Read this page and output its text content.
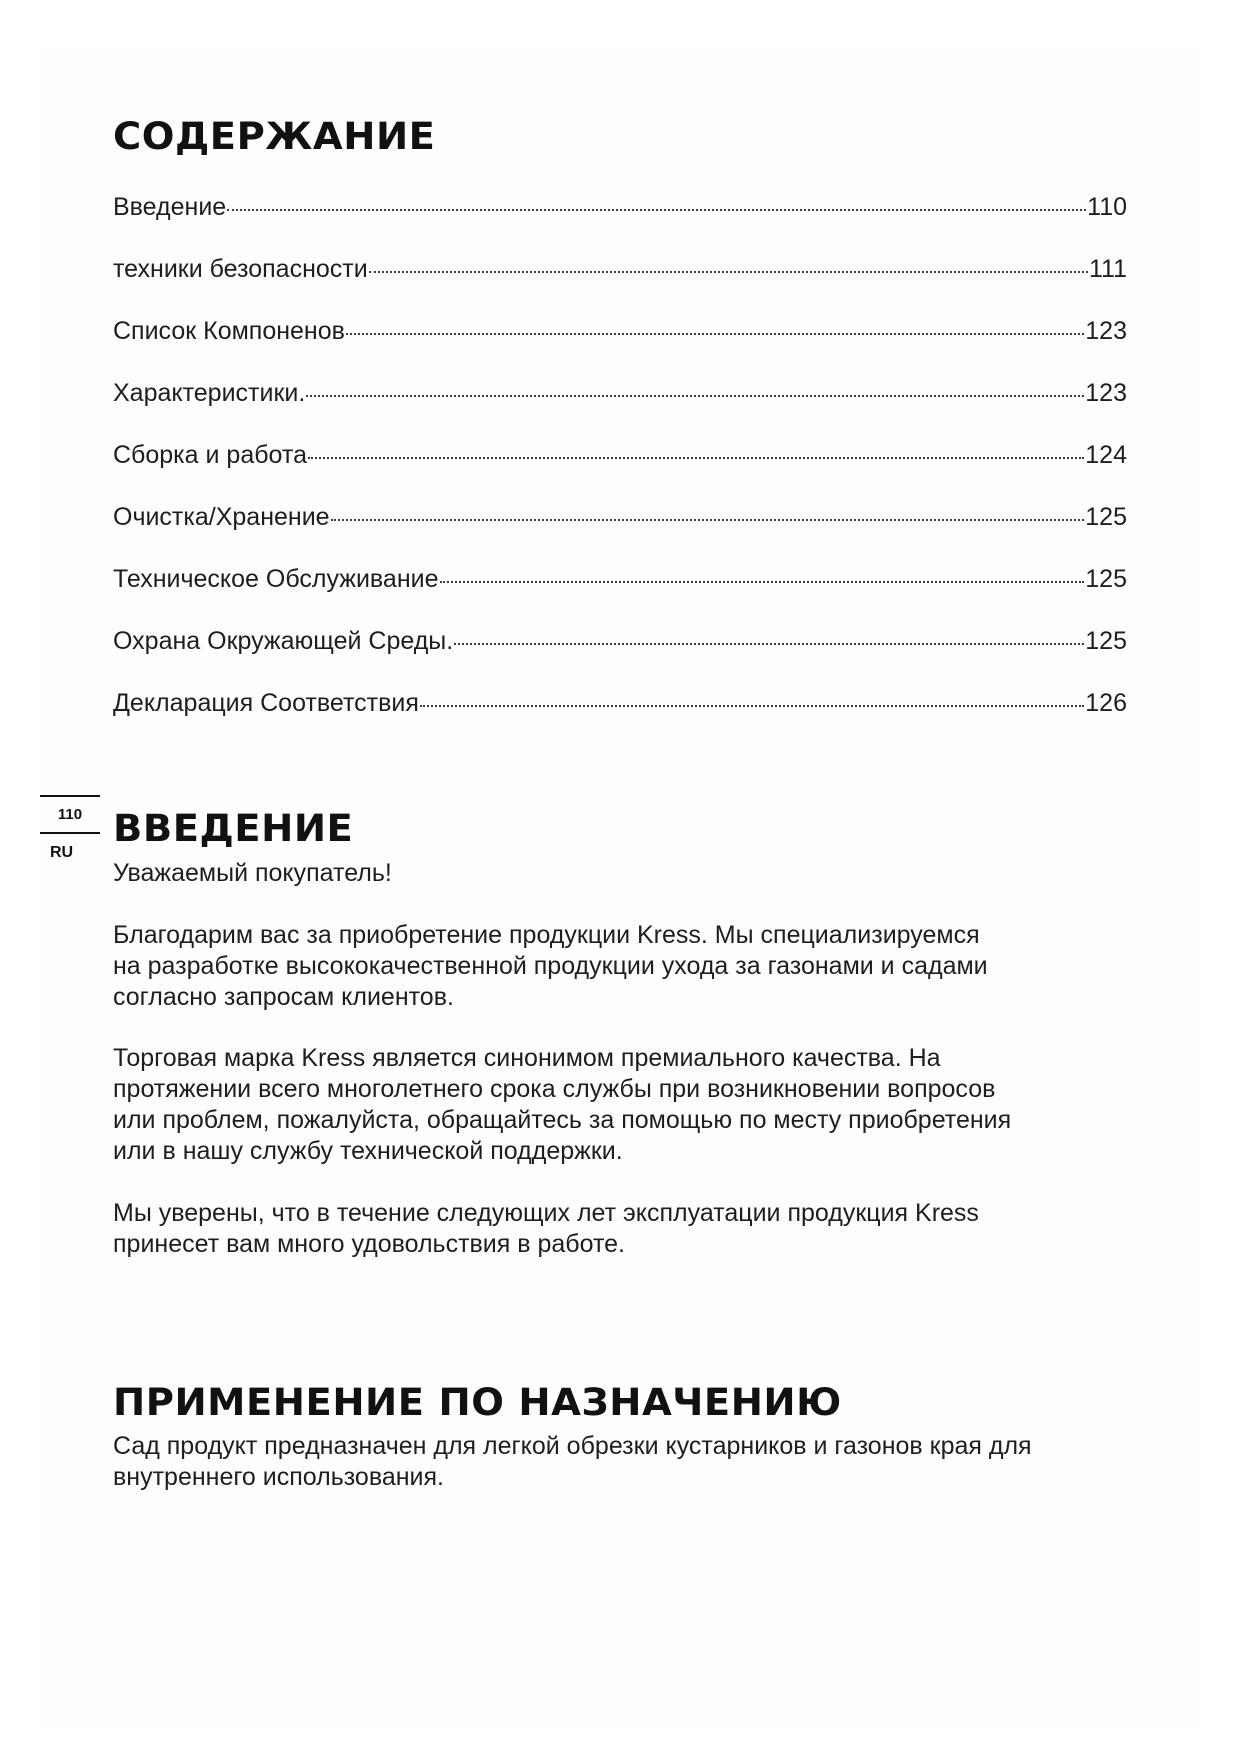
СОДЕРЖАНИЕ
Введение	110
техники безопасности	111
Список Компоненов	123
Характеристики.	123
Сборка и работа	124
Очистка/Хранение	125
Техническое Обслуживание	125
Охрана Окружающей Среды.	125
Декларация Соответствия	126
110
RU
ВВЕДЕНИЕ

Уважаемый покупатель!

Благодарим вас за приобретение продукции Kress. Мы специализируемся
на разработке высококачественной продукции ухода за газонами и садами
согласно запросам клиентов.

Торговая марка Kress является синонимом премиального качества. На
протяжении всего многолетнего срока службы при возникновении вопросов
или проблем, пожалуйста, обращайтесь за помощью по месту приобретения
или в нашу службу технической поддержки.

Мы уверены, что в течение следующих лет эксплуатации продукция Kress
принесет вам много удовольствия в работе.

ПРИМЕНЕНИЕ ПО НАЗНАЧЕНИЮ

Сад продукт предназначен для легкой обрезки кустарников и газонов края для
внутреннего использования.
